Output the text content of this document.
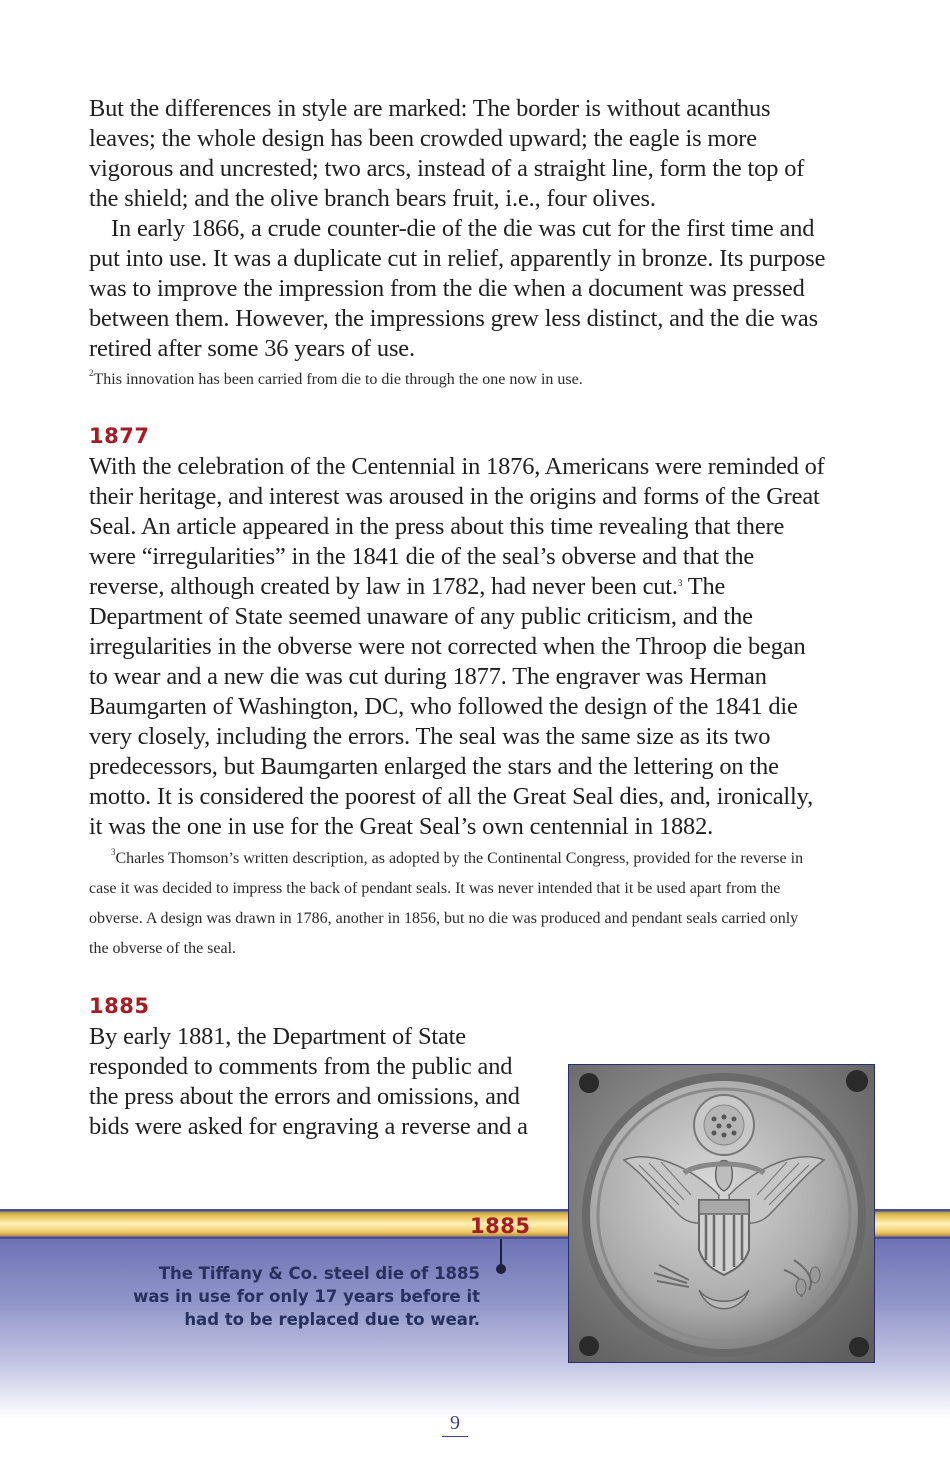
But the differences in style are marked: The border is without acanthus leaves; the whole design has been crowded upward; the eagle is more vigorous and uncrested; two arcs, instead of a straight line, form the top of the shield; and the olive branch bears fruit, i.e., four olives.

In early 1866, a crude counter-die of the die was cut for the first time and put into use. It was a duplicate cut in relief, apparently in bronze. Its purpose was to improve the impression from the die when a document was pressed between them. However, the impressions grew less distinct, and the die was retired after some 36 years of use.

$^2$This innovation has been carried from die to die through the one now in use.

1877

With the celebration of the Centennial in 1876, Americans were reminded of their heritage, and interest was aroused in the origins and forms of the Great Seal. An article appeared in the press about this time revealing that there were “irregularities” in the 1841 die of the seal’s obverse and that the reverse, although created by law in 1782, had never been cut.$^3$ The Department of State seemed unaware of any public criticism, and the irregularities in the obverse were not corrected when the Throop die began to wear and a new die was cut during 1877. The engraver was Herman Baumgarten of Washington, DC, who followed the design of the 1841 die very closely, including the errors. The seal was the same size as its two predecessors, but Baumgarten enlarged the stars and the lettering on the motto. It is considered the poorest of all the Great Seal dies, and, ironically, it was the one in use for the Great Seal’s own centennial in 1882.

$^3$Charles Thomson’s written description, as adopted by the Continental Congress, provided for the reverse in case it was decided to impress the back of pendant seals. It was never intended that it be used apart from the obverse. A design was drawn in 1786, another in 1856, but no die was produced and pendant seals carried only the obverse of the seal.

1885

By early 1881, the Department of State responded to comments from the public and the press about the errors and omissions, and bids were asked for engraving a reverse and a

1885
The Tiffany & Co. steel die of 1885 was in use for only 17 years before it had to be replaced due to wear.
9
